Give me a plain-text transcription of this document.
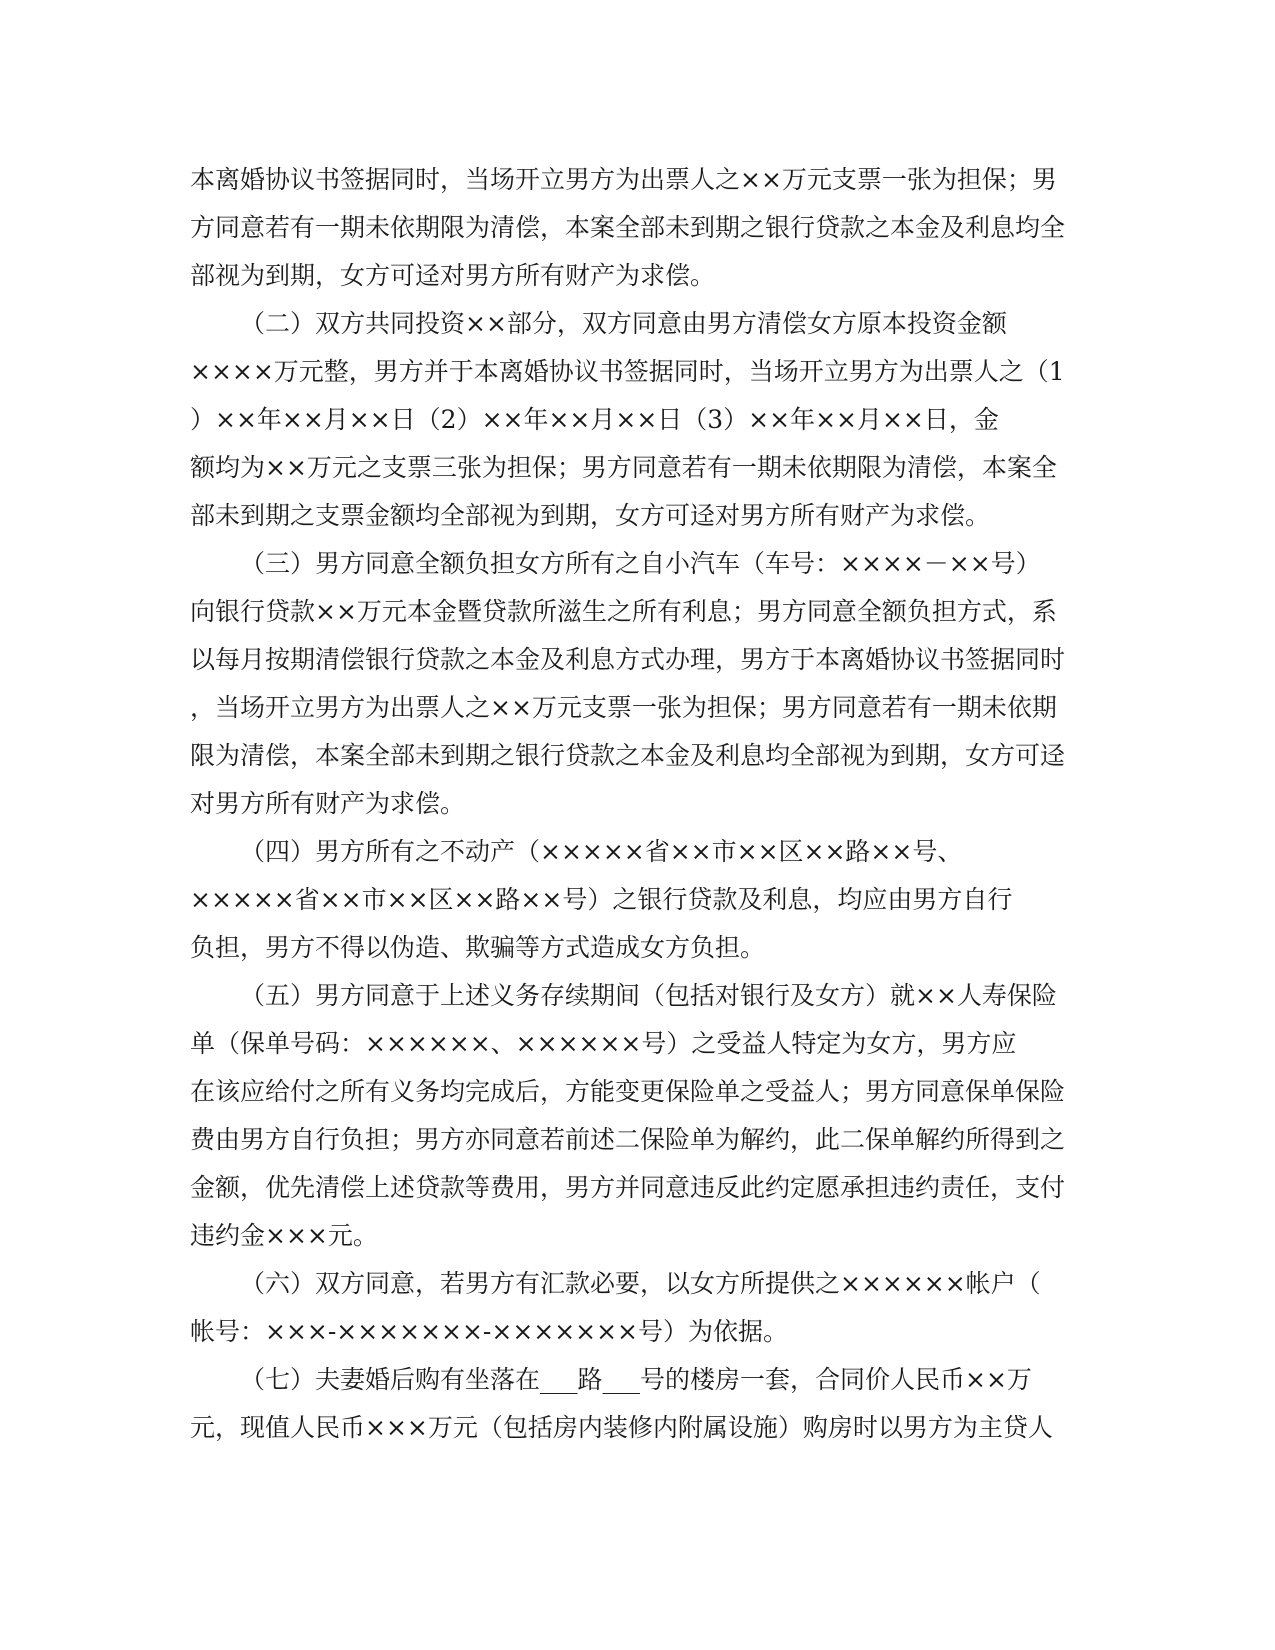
本离婚协议书签据同时，当场开立男方为出票人之××万元支票一张为担保；男
方同意若有一期未依期限为清偿，本案全部未到期之银行贷款之本金及利息均全
部视为到期，女方可迳对男方所有财产为求偿。
（二）双方共同投资××部分，双方同意由男方清偿女方原本投资金额
××××万元整，男方并于本离婚协议书签据同时，当场开立男方为出票人之（1
）××年××月××日（2）××年××月××日（3）××年××月××日，金
额均为××万元之支票三张为担保；男方同意若有一期未依期限为清偿，本案全
部未到期之支票金额均全部视为到期，女方可迳对男方所有财产为求偿。
（三）男方同意全额负担女方所有之自小汽车（车号：××××－××号）
向银行贷款××万元本金暨贷款所滋生之所有利息；男方同意全额负担方式，系
以每月按期清偿银行贷款之本金及利息方式办理，男方于本离婚协议书签据同时
，当场开立男方为出票人之××万元支票一张为担保；男方同意若有一期未依期
限为清偿，本案全部未到期之银行贷款之本金及利息均全部视为到期，女方可迳
对男方所有财产为求偿。
（四）男方所有之不动产（×××××省××市××区××路××号、
×××××省××市××区××路××号）之银行贷款及利息，均应由男方自行
负担，男方不得以伪造、欺骗等方式造成女方负担。
（五）男方同意于上述义务存续期间（包括对银行及女方）就××人寿保险
单（保单号码：××××××、××××××号）之受益人特定为女方，男方应
在该应给付之所有义务均完成后，方能变更保险单之受益人；男方同意保单保险
费由男方自行负担；男方亦同意若前述二保险单为解约，此二保单解约所得到之
金额，优先清偿上述贷款等费用，男方并同意违反此约定愿承担违约责任，支付
违约金×××元。
（六）双方同意，若男方有汇款必要，以女方所提供之××××××帐户（
帐号：×××-×××××××-×××××××号）为依据。
（七）夫妻婚后购有坐落在___路___号的楼房一套，合同价人民币××万
元，现值人民币×××万元（包括房内装修内附属设施）购房时以男方为主贷人
